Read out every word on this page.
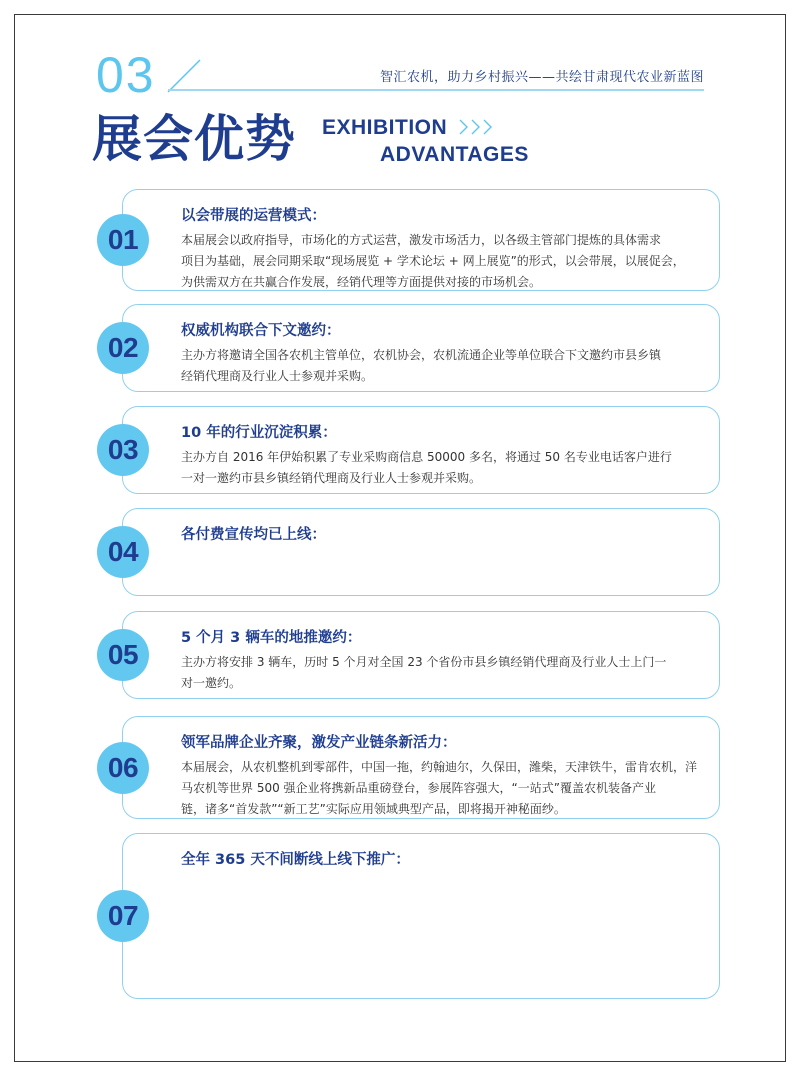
03	智汇农机，助力乡村振兴——共绘甘肃现代农业新蓝图
展会优势 EXHIBITION
ADVANTAGES
01
以会带展的运营模式：
本届展会以政府指导，市场化的方式运营，激发市场活力，以各级主管部门提炼的具体需求
项目为基础，展会同期采取“现场展览 + 学术论坛 + 网上展览”的形式，以会带展，以展促会，
为供需双方在共赢合作发展，经销代理等方面提供对接的市场机会。
02
权威机构联合下文邀约：
主办方将邀请全国各农机主管单位，农机协会，农机流通企业等单位联合下文邀约市县乡镇
经销代理商及行业人士参观并采购。
03
10 年的行业沉淀积累：
主办方自 2016 年伊始积累了专业采购商信息 50000 多名，将通过 50 名专业电话客户进行
一对一邀约市县乡镇经销代理商及行业人士参观并采购。
04
各付费宣传均已上线：
05
5 个月 3 辆车的地推邀约：
主办方将安排 3 辆车，历时 5 个月对全国 23 个省份市县乡镇经销代理商及行业人士上门一
对一邀约。
06
领军品牌企业齐聚，激发产业链条新活力：
本届展会，从农机整机到零部件，中国一拖，约翰迪尔，久保田，潍柴，天津铁牛，雷肯农机，洋
马农机等世界 500 强企业将携新品重磅登台，参展阵容强大，“一站式”覆盖农机装备产业
链，诸多“首发款”“新工艺”实际应用领域典型产品，即将揭开神秘面纱。
07
全年 365 天不间断线上线下推广：
